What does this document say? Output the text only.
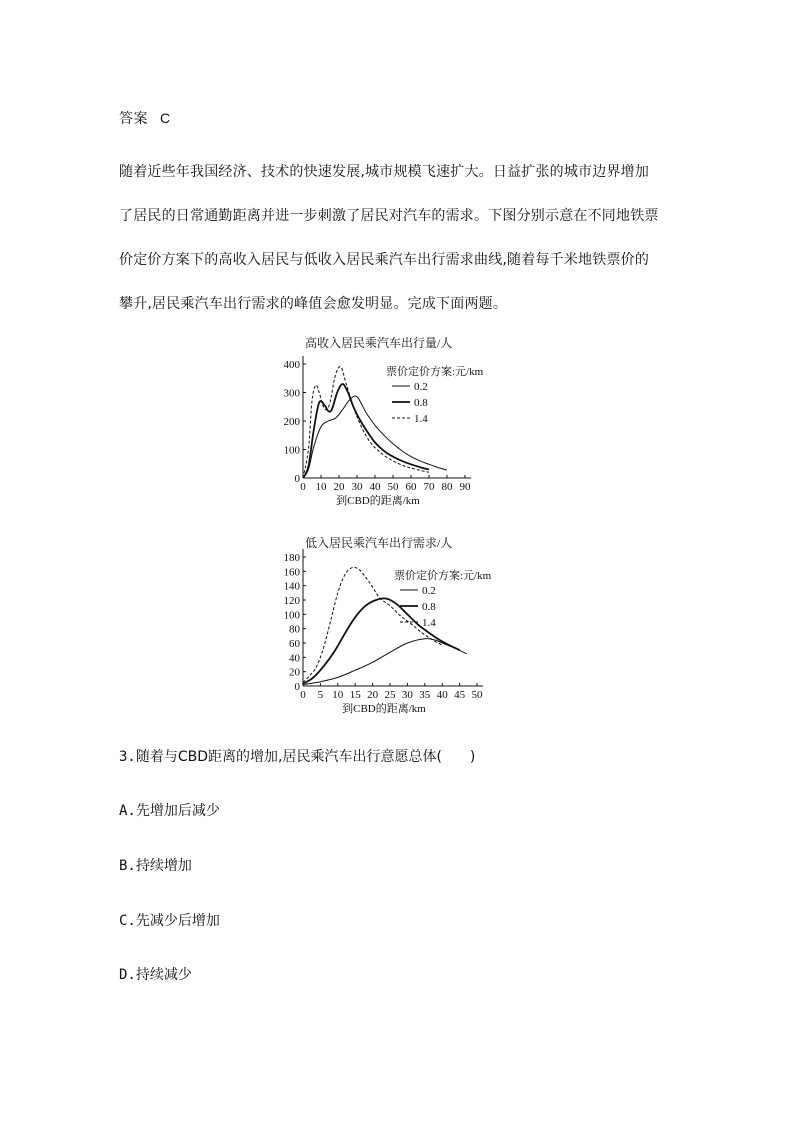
答案 C
随着近些年我国经济、技术的快速发展,城市规模飞速扩大。日益扩张的城市边界增加
了居民的日常通勤距离并进一步刺激了居民对汽车的需求。下图分别示意在不同地铁票
价定价方案下的高收入居民与低收入居民乘汽车出行需求曲线,随着每千米地铁票价的
攀升,居民乘汽车出行需求的峰值会愈发明显。完成下面两题。
高收入居民乘汽车出行量/人
0
100
200
300
400
0 10 20 30 40 50 60 70 80 90
到CBD的距离/km
票价定价方案:元/km
0.2
0.8
1.4
低入居民乘汽车出行需求/人
0
20
40
60
80
100
120
140
160
180
0 5 10 15 20 25 30 35 40 45 50
到CBD的距离/km
票价定价方案:元/km
0.2
0.8
1.4
3.随着与CBD距离的增加,居民乘汽车出行意愿总体(　　)
A.先增加后减少
B.持续增加
C.先减少后增加
D.持续减少
